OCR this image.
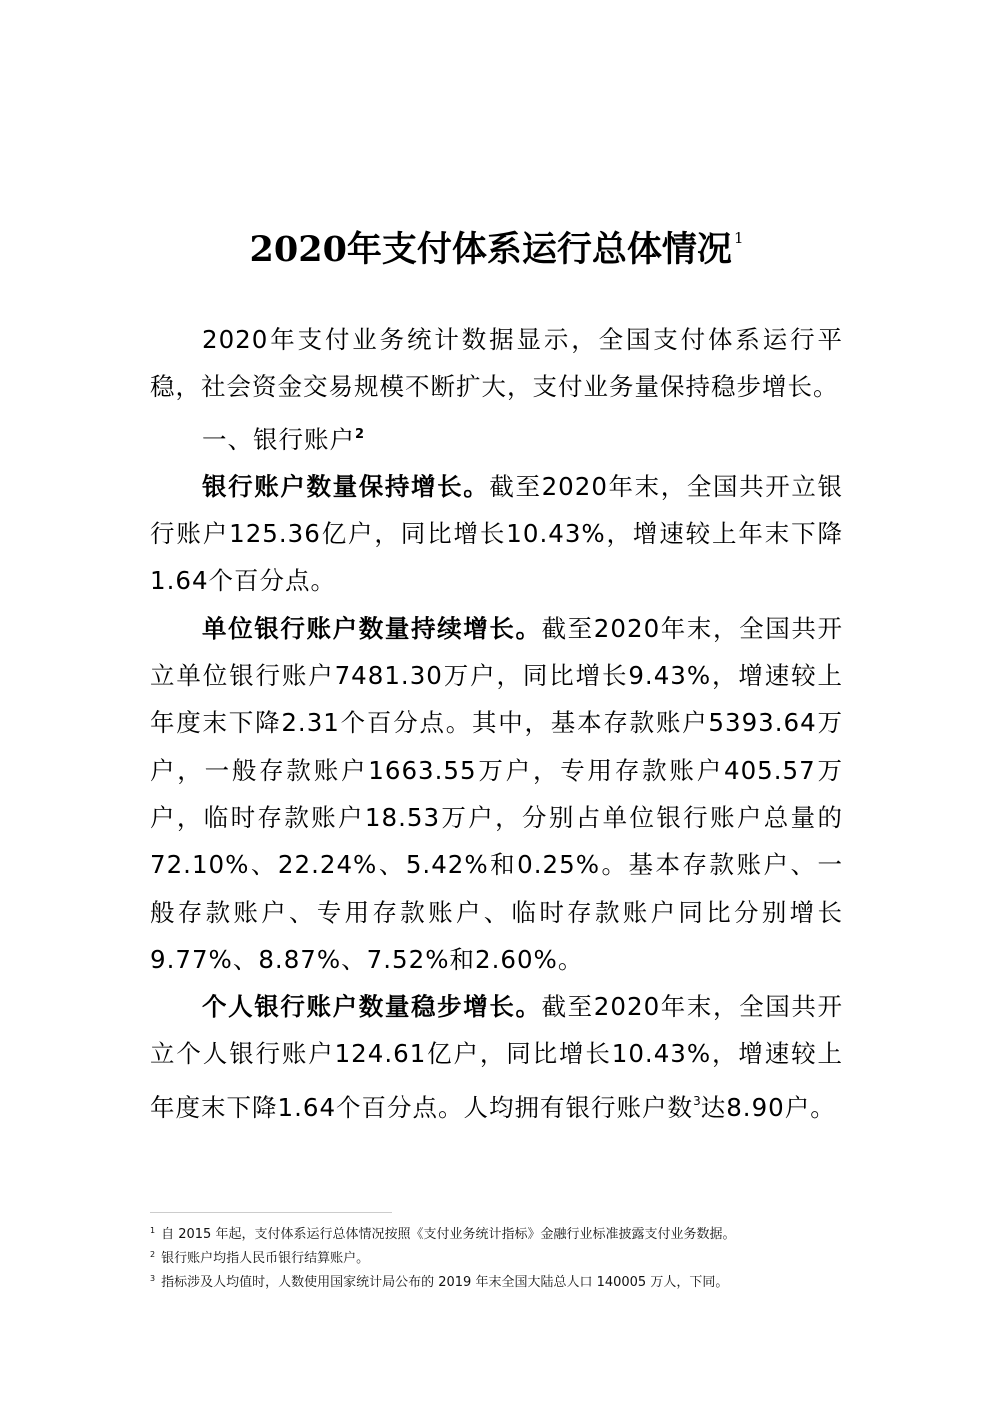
2020年支付体系运行总体情况 $^1$

2020年支付业务统计数据显示，全国支付体系运行平稳，社会资金交易规模不断扩大，支付业务量保持稳步增长。

一、银行账户$^2$

银行账户数量保持增长。截至2020年末，全国共开立银行账户125.36亿户，同比增长10.43%，增速较上年末下降1.64个百分点。

单位银行账户数量持续增长。截至2020年末，全国共开立单位银行账户7481.30万户，同比增长9.43%，增速较上年度末下降2.31个百分点。其中，基本存款账户5393.64万户，一般存款账户1663.55万户，专用存款账户405.57万户，临时存款账户18.53万户，分别占单位银行账户总量的72.10%、22.24%、5.42%和0.25%。基本存款账户、一般存款账户、专用存款账户、临时存款账户同比分别增长9.77%、8.87%、7.52%和2.60%。

个人银行账户数量稳步增长。截至2020年末，全国共开立个人银行账户124.61亿户，同比增长10.43%，增速较上年度末下降1.64个百分点。人均拥有银行账户数$^3$达8.90户。

$^1$ 自 2015 年起，支付体系运行总体情况按照《支付业务统计指标》金融行业标准披露支付业务数据。
$^2$ 银行账户均指人民币银行结算账户。
$^3$ 指标涉及人均值时，人数使用国家统计局公布的 2019 年末全国大陆总人口 140005 万人，下同。
